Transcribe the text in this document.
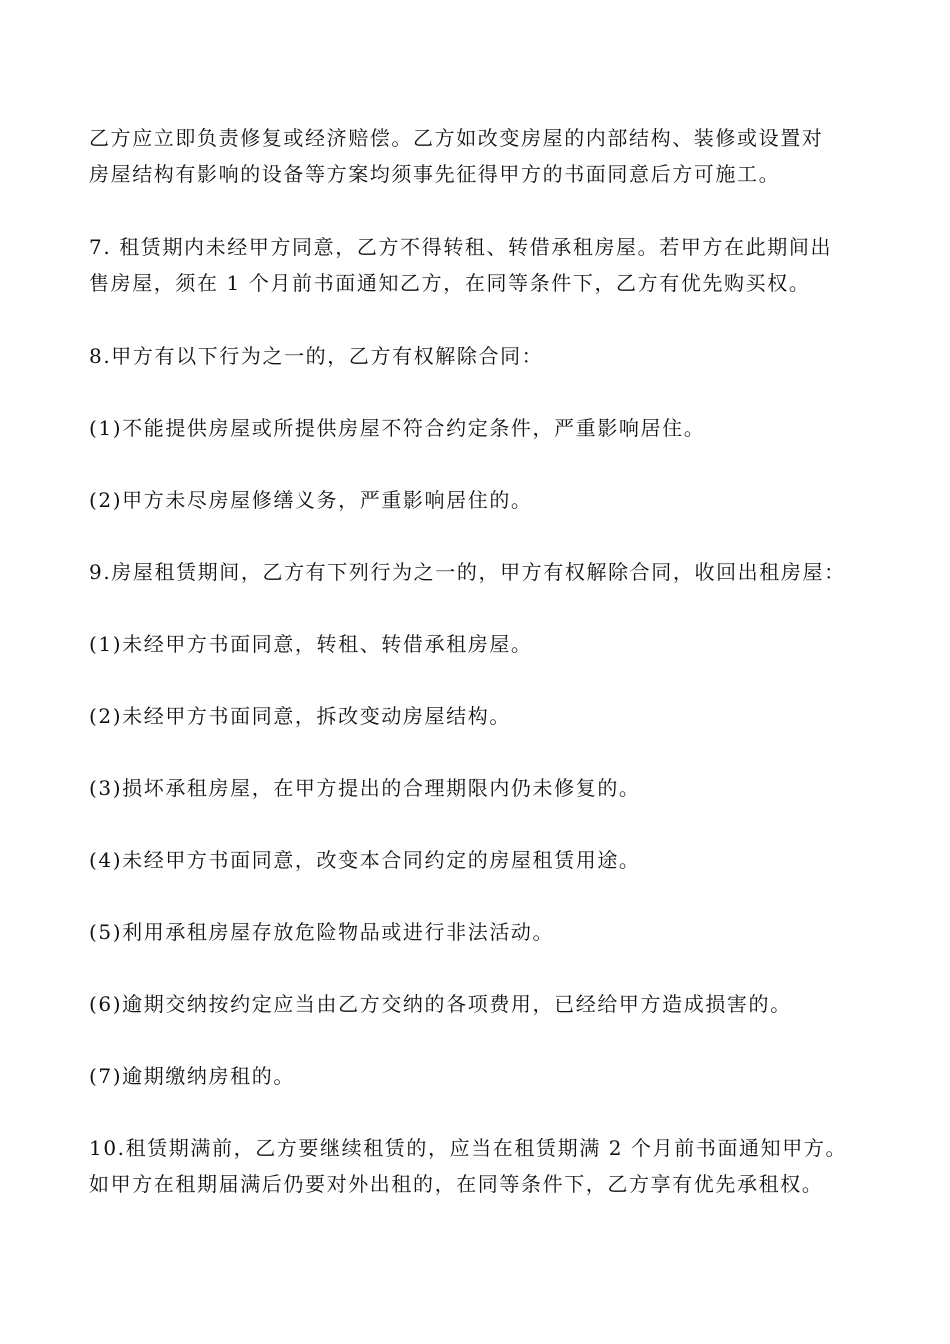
乙方应立即负责修复或经济赔偿。乙方如改变房屋的内部结构、装修或设置对
房屋结构有影响的设备等方案均须事先征得甲方的书面同意后方可施工。

7. 租赁期内未经甲方同意，乙方不得转租、转借承租房屋。若甲方在此期间出
售房屋，须在 1 个月前书面通知乙方，在同等条件下，乙方有优先购买权。

8.甲方有以下行为之一的，乙方有权解除合同：

(1)不能提供房屋或所提供房屋不符合约定条件，严重影响居住。

(2)甲方未尽房屋修缮义务，严重影响居住的。

9.房屋租赁期间，乙方有下列行为之一的，甲方有权解除合同，收回出租房屋：

(1)未经甲方书面同意，转租、转借承租房屋。

(2)未经甲方书面同意，拆改变动房屋结构。

(3)损坏承租房屋，在甲方提出的合理期限内仍未修复的。

(4)未经甲方书面同意，改变本合同约定的房屋租赁用途。

(5)利用承租房屋存放危险物品或进行非法活动。

(6)逾期交纳按约定应当由乙方交纳的各项费用，已经给甲方造成损害的。

(7)逾期缴纳房租的。

10.租赁期满前，乙方要继续租赁的，应当在租赁期满 2 个月前书面通知甲方。
如甲方在租期届满后仍要对外出租的，在同等条件下，乙方享有优先承租权。
